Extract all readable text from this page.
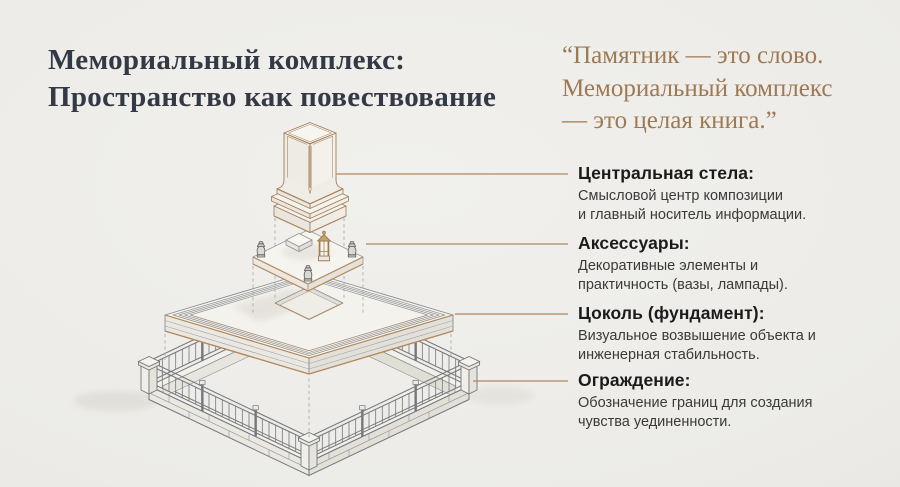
Мемориальный комплекс:
Пространство как повествование
“Памятник — это слово.
Мемориальный комплекс
— это целая книга.”
Центральная стела:
Смысловой центр композиции
и главный носитель информации.
Аксессуары:
Декоративные элементы и
практичность (вазы, лампады).
Цоколь (фундамент):
Визуальное возвышение объекта и
инженерная стабильность.
Ограждение:
Обозначение границ для создания
чувства уединенности.
